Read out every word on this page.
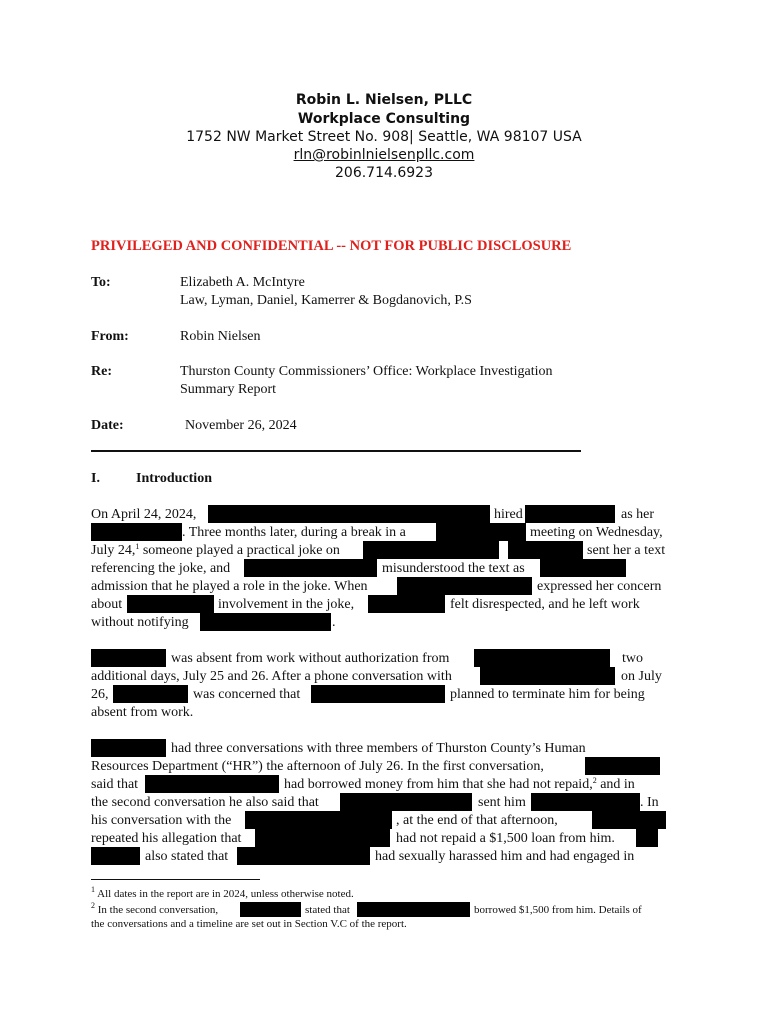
Robin L. Nielsen, PLLC
Workplace Consulting
1752 NW Market Street No. 908| Seattle, WA 98107 USA
rln@robinlnielsenpllc.com
206.714.6923
PRIVILEGED AND CONFIDENTIAL -- NOT FOR PUBLIC DISCLOSURE
To:	Elizabeth A. McIntyre
Law, Lyman, Daniel, Kamerrer & Bogdanovich, P.S
From:	Robin Nielsen
Re:	Thurston County Commissioners’ Office: Workplace Investigation
Summary Report
Date:	November 26, 2024
I.	Introduction
On April 24, 2024,	hired	as her
. Three months later, during a break in a	meeting on Wednesday,
July 24,$^1$ someone played a practical joke on	sent her a text
referencing the joke, and	misunderstood the text as
admission that he played a role in the joke. When	expressed her concern
about	involvement in the joke,	felt disrespected, and he left work
without notifying	.
was absent from work without authorization from	two
additional days, July 25 and 26. After a phone conversation with	on July
26,	was concerned that	planned to terminate him for being
absent from work.
had three conversations with three members of Thurston County’s Human
Resources Department (“HR”) the afternoon of July 26. In the first conversation,
said that	had borrowed money from him that she had not repaid,$^2$ and in
the second conversation he also said that	sent him	. In
his conversation with the	, at the end of that afternoon,
repeated his allegation that	had not repaid a $1,500 loan from him.
also stated that	had sexually harassed him and had engaged in
$^1$ All dates in the report are in 2024, unless otherwise noted.
$^2$ In the second conversation,	stated that	borrowed $1,500 from him. Details of
the conversations and a timeline are set out in Section V.C of the report.
